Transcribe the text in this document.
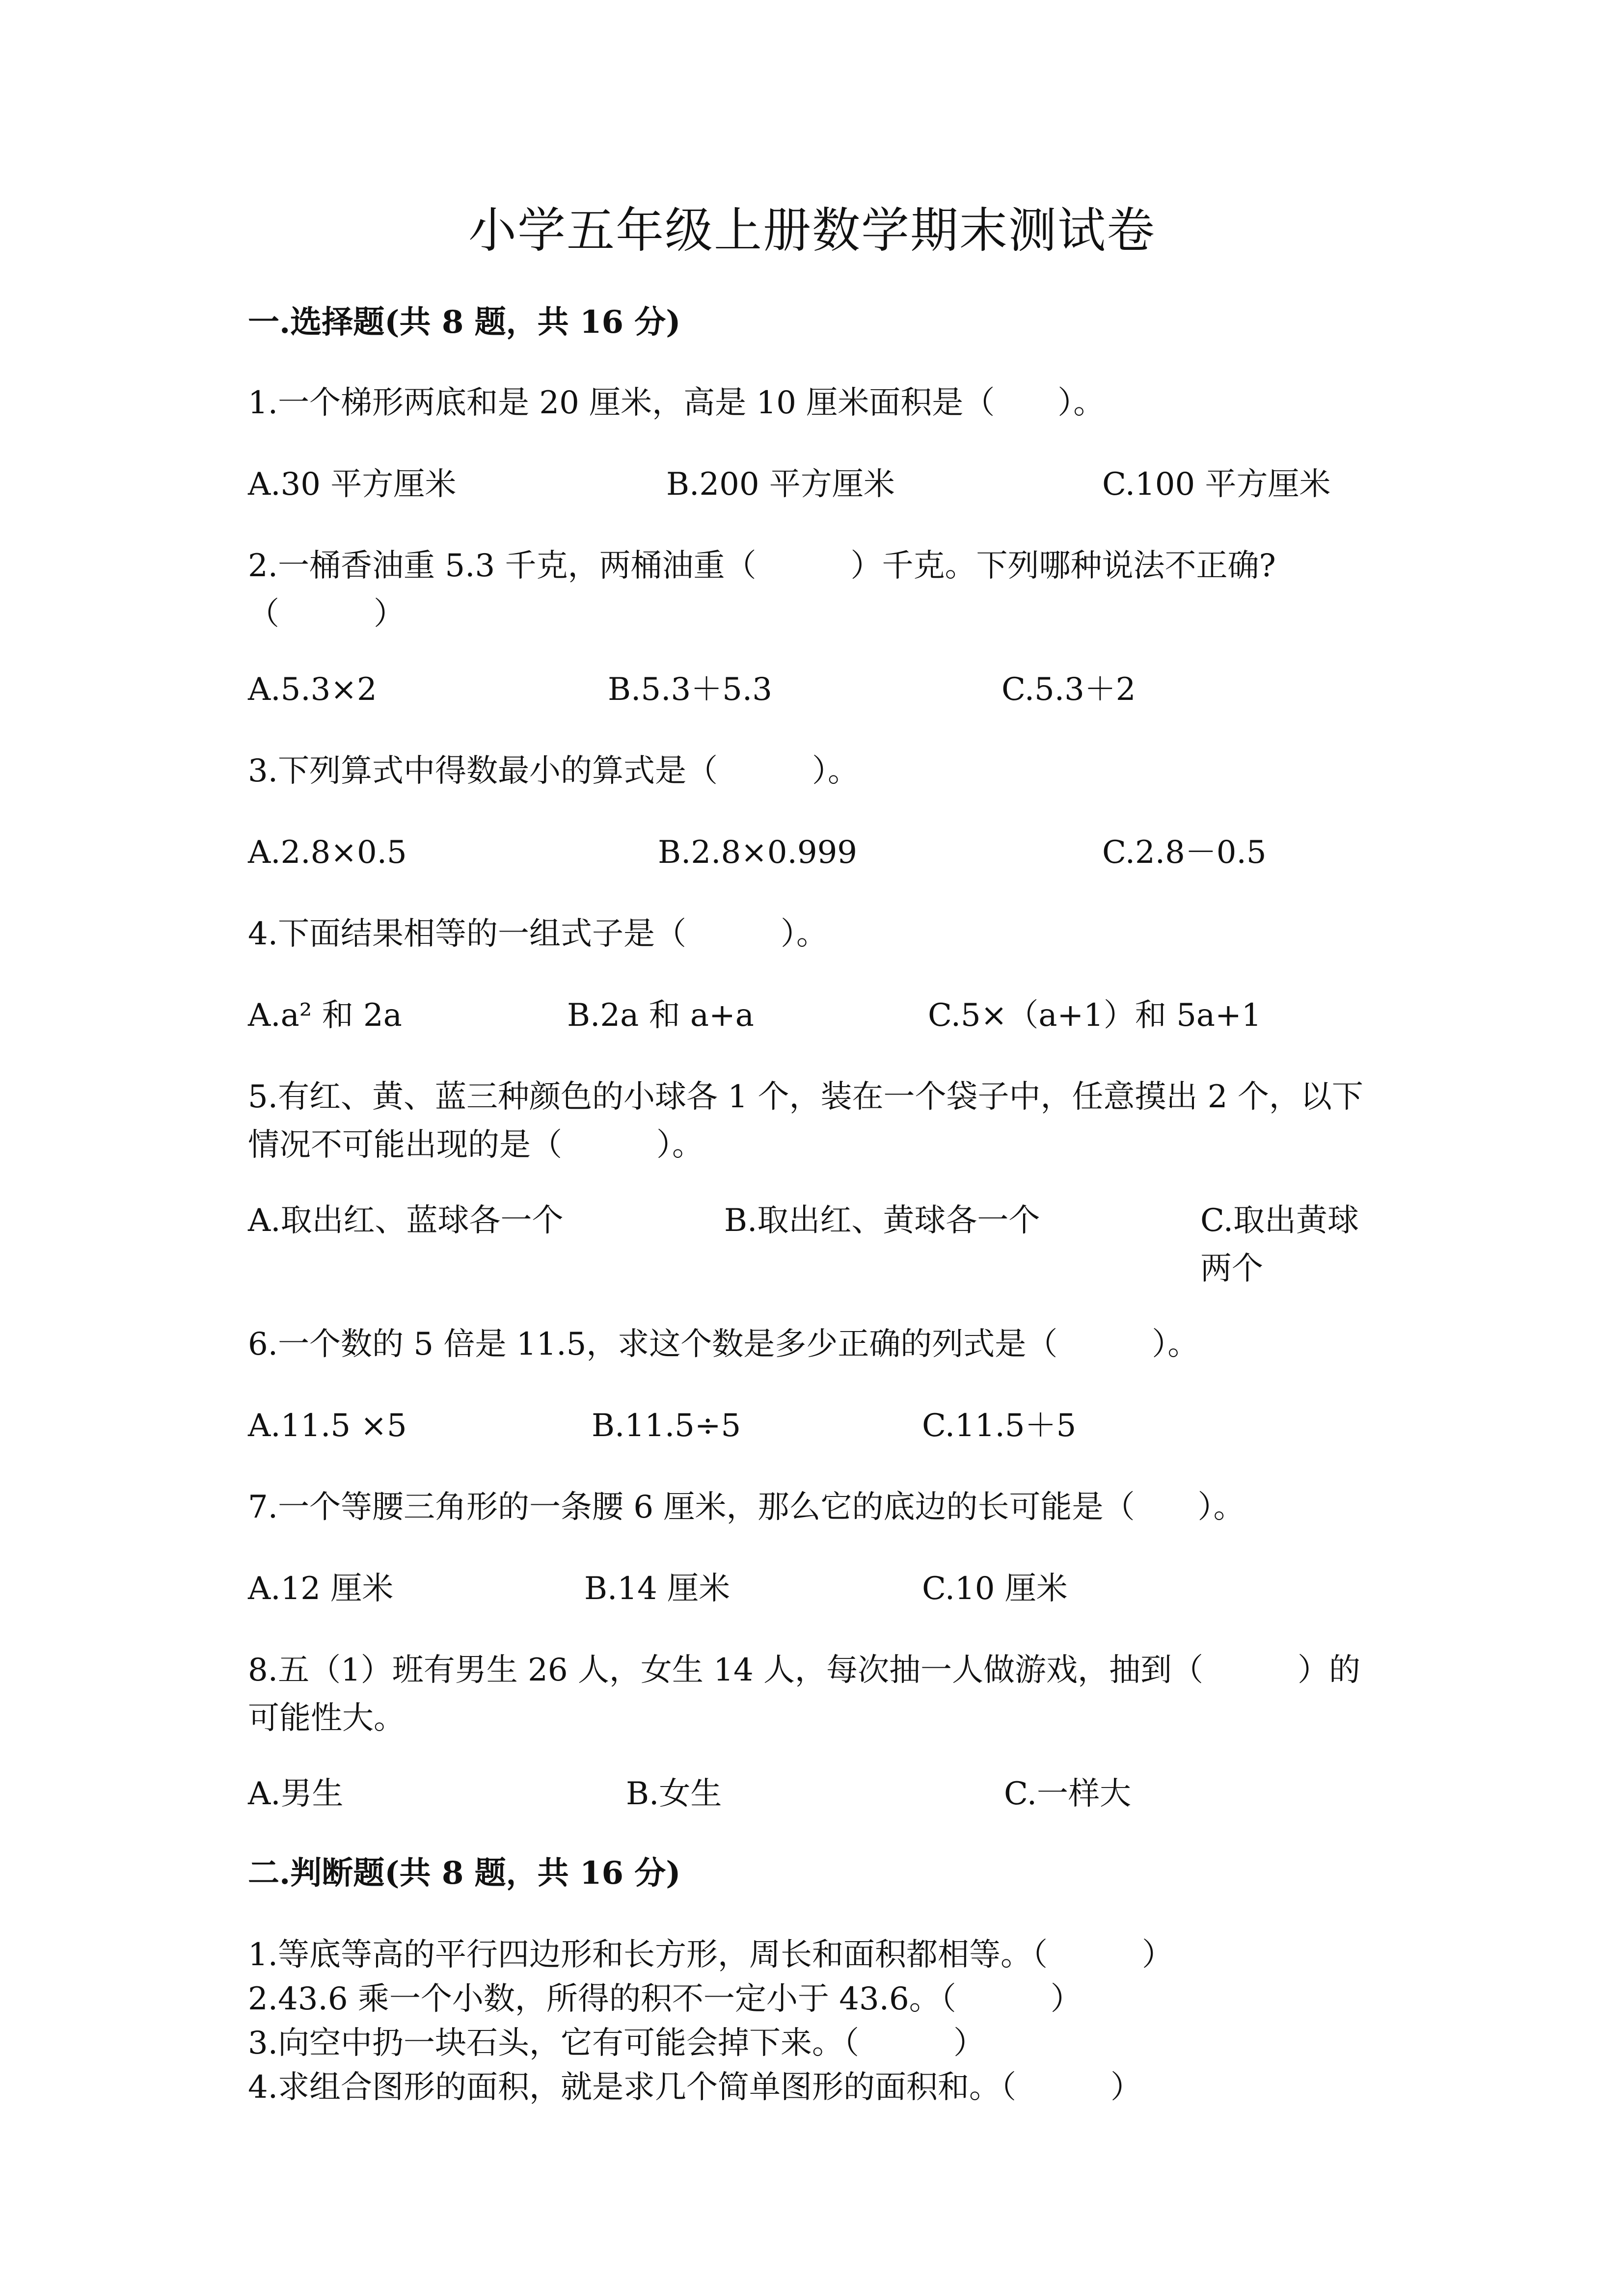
小学五年级上册数学期末测试卷
一.选择题(共 8 题，共 16 分)
1.一个梯形两底和是 20 厘米，高是 10 厘米面积是（　　）。
A.30 平方厘米	B.200 平方厘米	C.100 平方厘米
2.一桶香油重 5.3 千克，两桶油重（　　　）千克。下列哪种说法不正确?（　　　）
A.5.3×2	B.5.3＋5.3	C.5.3＋2
3.下列算式中得数最小的算式是（　　　）。
A.2.8×0.5	B.2.8×0.999	C.2.8－0.5
4.下面结果相等的一组式子是（　　　）。
A.a² 和 2a	B.2a 和 a+a	C.5×（a+1）和 5a+1
5.有红、黄、蓝三种颜色的小球各 1 个，装在一个袋子中，任意摸出 2 个，以下情况不可能出现的是（　　　）。
A.取出红、蓝球各一个	B.取出红、黄球各一个	C.取出黄球两个
6.一个数的 5 倍是 11.5，求这个数是多少正确的列式是（　　　）。
A.11.5 ×5	B.11.5÷5	C.11.5＋5
7.一个等腰三角形的一条腰 6 厘米，那么它的底边的长可能是（　　）。
A.12 厘米	B.14 厘米	C.10 厘米
8.五（1）班有男生 26 人，女生 14 人，每次抽一人做游戏，抽到（　　　）的可能性大。
A.男生	B.女生	C.一样大
二.判断题(共 8 题，共 16 分)
1.等底等高的平行四边形和长方形，周长和面积都相等。（　　　）
2.43.6 乘一个小数，所得的积不一定小于 43.6。（　　　）
3.向空中扔一块石头，它有可能会掉下来。（　　　）
4.求组合图形的面积，就是求几个简单图形的面积和。（　　　）
